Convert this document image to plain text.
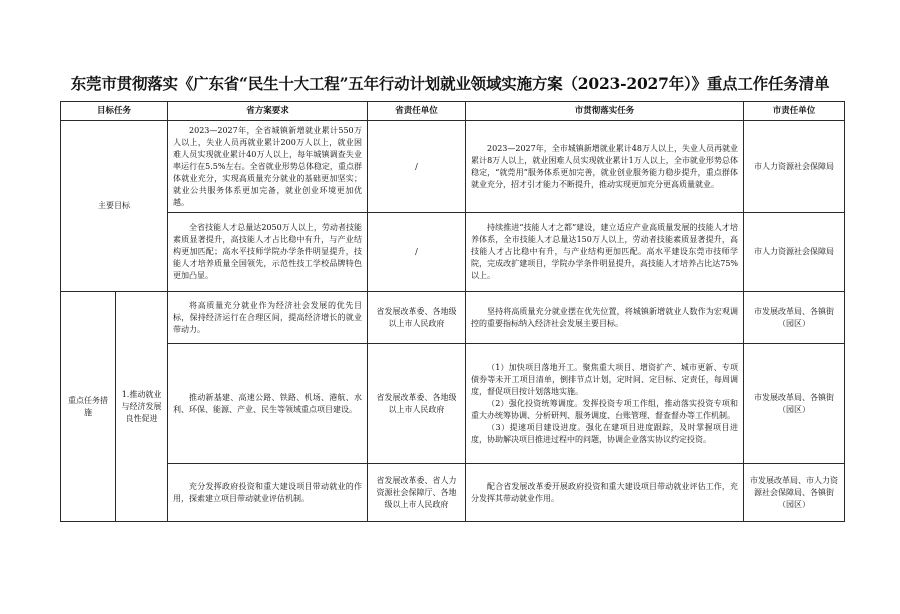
东莞市贯彻落实《广东省“民生十大工程”五年行动计划就业领域实施方案（2023-2027年）》重点工作任务清单
目标任务		省方案要求	省责任单位	市贯彻落实任务	市责任单位
主要目标		2023—2027年，全省城镇新增就业累计550万人以上，失业人员再就业累计200万人以上，就业困难人员实现就业累计40万人以上，每年城镇调查失业率运行在5.5%左右。全省就业形势总体稳定，重点群体就业充分，实现高质量充分就业的基础更加坚实；就业公共服务体系更加完备，就业创业环境更加优越。	/	2023—2027年，全市城镇新增就业累计48万人以上，失业人员再就业累计8万人以上，就业困难人员实现就业累计1万人以上，全市就业形势总体稳定，“就莞用”服务体系更加完善，就业创业服务能力稳步提升，重点群体就业充分，招才引才能力不断提升，推动实现更加充分更高质量就业。	市人力资源社会保障局
		全省技能人才总量达2050万人以上，劳动者技能素质显著提升，高技能人才占比稳中有升，与产业结构更加匹配；高水平技师学院办学条件明显提升，技能人才培养质量全国领先，示范性技工学校品牌特色更加凸显。	/	持续推进“技能人才之都”建设，建立适应产业高质量发展的技能人才培养体系，全市技能人才总量达150万人以上，劳动者技能素质显著提升，高技能人才占比稳中有升，与产业结构更加匹配。高水平建设东莞市技师学院，完成改扩建项目，学院办学条件明显提升，高技能人才培养占比达75%以上。	市人力资源社会保障局
重点任务措施	1.推动就业与经济发展良性促进	将高质量充分就业作为经济社会发展的优先目标，保持经济运行在合理区间，提高经济增长的就业带动力。	省发展改革委、各地级以上市人民政府	坚持将高质量充分就业摆在优先位置，将城镇新增就业人数作为宏观调控的重要指标纳入经济社会发展主要目标。	市发展改革局、各镇街（园区）
		推动新基建、高速公路、铁路、机场、港航、水利、环保、能源、产业、民生等领域重点项目建设。	省发展改革委、各地级以上市人民政府	（1）加快项目落地开工。聚焦重大项目、增资扩产、城市更新、专项债券等未开工项目清单，倒排节点计划，定时间、定目标、定责任，每周调度，督促项目按计划落地实施。

（2）强化投资统筹调度。发挥投资专项工作组，推动落实投资专项和重大办统筹协调、分析研判、服务调度、台账管理、督查督办等工作机制。

（3）提速项目建设进度。强化在建项目进度跟踪，及时掌握项目进度，协助解决项目推进过程中的问题，协调企业落实协议约定投资。	市发展改革局、各镇街（园区）
		充分发挥政府投资和重大建设项目带动就业的作用，探索建立项目带动就业评估机制。	省发展改革委、省人力资源社会保障厅、各地级以上市人民政府	配合省发展改革委开展政府投资和重大建设项目带动就业评估工作，充分发挥其带动就业作用。	市发展改革局、市人力资源社会保障局、各镇街（园区）
